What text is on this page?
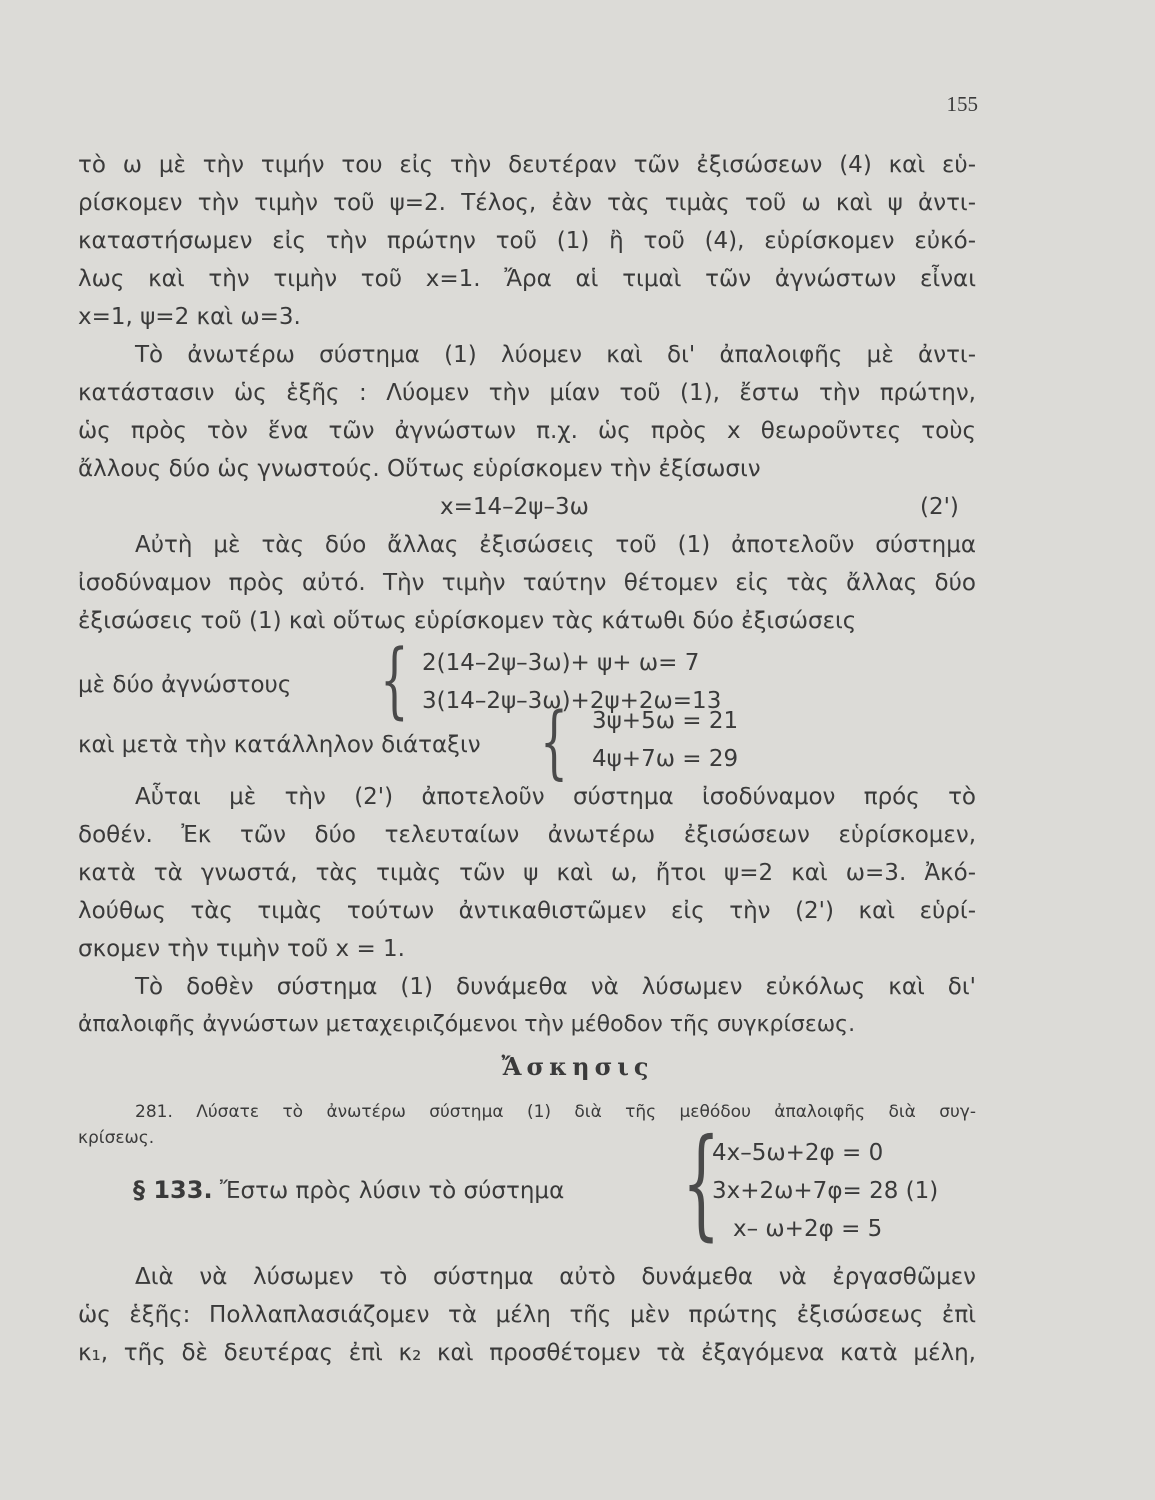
155
τὸ ω μὲ τὴν τιμήν του εἰς τὴν δευτέραν τῶν ἐξισώσεων (4) καὶ εὑ-
ρίσκομεν τὴν τιμὴν τοῦ ψ=2. Τέλος, ἐὰν τὰς τιμὰς τοῦ ω καὶ ψ ἀντι-
καταστήσωμεν εἰς τὴν πρώτην τοῦ (1) ἢ τοῦ (4), εὑρίσκομεν εὐκό-
λως καὶ τὴν τιμὴν τοῦ x=1. Ἄρα αἱ τιμαὶ τῶν ἀγνώστων εἶναι
x=1, ψ=2 καὶ ω=3.
Τὸ ἀνωτέρω σύστημα (1) λύομεν καὶ δι' ἀπαλοιφῆς μὲ ἀντι-
κατάστασιν ὡς ἑξῆς : Λύομεν τὴν μίαν τοῦ (1), ἔστω τὴν πρώτην,
ὡς πρὸς τὸν ἕνα τῶν ἀγνώστων π.χ. ὡς πρὸς x θεωροῦντες τοὺς
ἄλλους δύο ὡς γνωστούς. Οὕτως εὑρίσκομεν τὴν ἐξίσωσιν
x=14–2ψ–3ω	(2')
Αὐτὴ μὲ τὰς δύο ἄλλας ἐξισώσεις τοῦ (1) ἀποτελοῦν σύστημα
ἰσοδύναμον πρὸς αὐτό. Τὴν τιμὴν ταύτην θέτομεν εἰς τὰς ἄλλας δύο
ἐξισώσεις τοῦ (1) καὶ οὕτως εὑρίσκομεν τὰς κάτωθι δύο ἐξισώσεις
μὲ δύο ἀγνώστους { 2(14–2ψ–3ω)+ ψ+ ω= 7
3(14–2ψ–3ω)+2ψ+2ω=13
καὶ μετὰ τὴν κατάλληλον διάταξιν { 3ψ+5ω = 21
4ψ+7ω = 29
Αὗται μὲ τὴν (2') ἀποτελοῦν σύστημα ἰσοδύναμον πρός τὸ
δοθέν. Ἐκ τῶν δύο τελευταίων ἀνωτέρω ἐξισώσεων εὑρίσκομεν,
κατὰ τὰ γνωστά, τὰς τιμὰς τῶν ψ καὶ ω, ἤτοι ψ=2 καὶ ω=3. Ἀκό-
λούθως τὰς τιμὰς τούτων ἀντικαθιστῶμεν εἰς τὴν (2') καὶ εὑρί-
σκομεν τὴν τιμὴν τοῦ x = 1.
Τὸ δοθὲν σύστημα (1) δυνάμεθα νὰ λύσωμεν εὐκόλως καὶ δι'
ἀπαλοιφῆς ἀγνώστων μεταχειριζόμενοι τὴν μέθοδον τῆς συγκρίσεως.
Ἄσκησις
281. Λύσατε τὸ ἀνωτέρω σύστημα (1) διὰ τῆς μεθόδου ἀπαλοιφῆς διὰ συγ-
κρίσεως.
§ 133. Ἔστω πρὸς λύσιν τὸ σύστημα {
4x–5ω+2φ = 0
3x+2ω+7φ= 28 (1)
x– ω+2φ = 5
Διὰ νὰ λύσωμεν τὸ σύστημα αὐτὸ δυνάμεθα νὰ ἐργασθῶμεν
ὡς ἑξῆς: Πολλαπλασιάζομεν τὰ μέλη τῆς μὲν πρώτης ἐξισώσεως ἐπὶ
κ₁, τῆς δὲ δευτέρας ἐπὶ κ₂ καὶ προσθέτομεν τὰ ἐξαγόμενα κατὰ μέλη,
